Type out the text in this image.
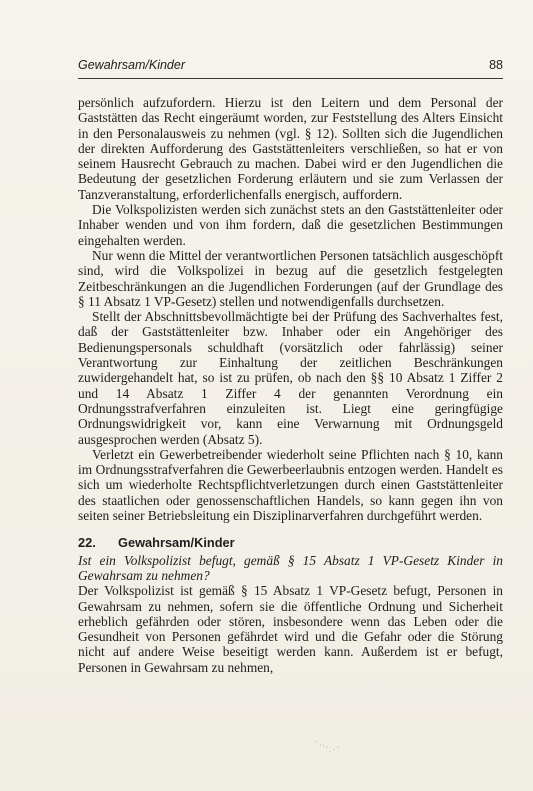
Gewahrsam/Kinder	88

persönlich aufzufordern. Hierzu ist den Leitern und dem Personal der Gaststätten das Recht eingeräumt worden, zur Feststellung des Alters Einsicht in den Personalausweis zu nehmen (vgl. § 12). Sollten sich die Jugendlichen der direkten Aufforderung des Gaststättenleiters verschließen, so hat er von seinem Hausrecht Gebrauch zu machen. Dabei wird er den Jugendlichen die Bedeutung der gesetzlichen Forderung erläutern und sie zum Verlassen der Tanzveranstaltung, erforderlichenfalls energisch, auffordern.

Die Volkspolizisten werden sich zunächst stets an den Gaststättenleiter oder Inhaber wenden und von ihm fordern, daß die gesetzlichen Bestimmungen eingehalten werden.

Nur wenn die Mittel der verantwortlichen Personen tatsächlich ausgeschöpft sind, wird die Volkspolizei in bezug auf die gesetzlich festgelegten Zeitbeschränkungen an die Jugendlichen Forderungen (auf der Grundlage des § 11 Absatz 1 VP-Gesetz) stellen und notwendigenfalls durchsetzen.

Stellt der Abschnittsbevollmächtigte bei der Prüfung des Sachverhaltes fest, daß der Gaststättenleiter bzw. Inhaber oder ein Angehöriger des Bedienungspersonals schuldhaft (vorsätzlich oder fahrlässig) seiner Verantwortung zur Einhaltung der zeitlichen Beschränkungen zuwidergehandelt hat, so ist zu prüfen, ob nach den §§ 10 Absatz 1 Ziffer 2 und 14 Absatz 1 Ziffer 4 der genannten Verordnung ein Ordnungsstrafverfahren einzuleiten ist. Liegt eine geringfügige Ordnungswidrigkeit vor, kann eine Verwarnung mit Ordnungsgeld ausgesprochen werden (Absatz 5).

Verletzt ein Gewerbetreibender wiederholt seine Pflichten nach § 10, kann im Ordnungsstrafverfahren die Gewerbeerlaubnis entzogen werden. Handelt es sich um wiederholte Rechtspflichtverletzungen durch einen Gaststättenleiter des staatlichen oder genossenschaftlichen Handels, so kann gegen ihn von seiten seiner Betriebsleitung ein Disziplinarverfahren durchgeführt werden.

22. Gewahrsam/Kinder

Ist ein Volkspolizist befugt, gemäß § 15 Absatz 1 VP-Gesetz Kinder in Gewahrsam zu nehmen?

Der Volkspolizist ist gemäß § 15 Absatz 1 VP-Gesetz befugt, Personen in Gewahrsam zu nehmen, sofern sie die öffentliche Ordnung und Sicherheit erheblich gefährden oder stören, insbesondere wenn das Leben oder die Gesundheit von Personen gefährdet wird und die Gefahr oder die Störung nicht auf andere Weise beseitigt werden kann. Außerdem ist er befugt, Personen in Gewahrsam zu nehmen,

⁻⋯⋰
